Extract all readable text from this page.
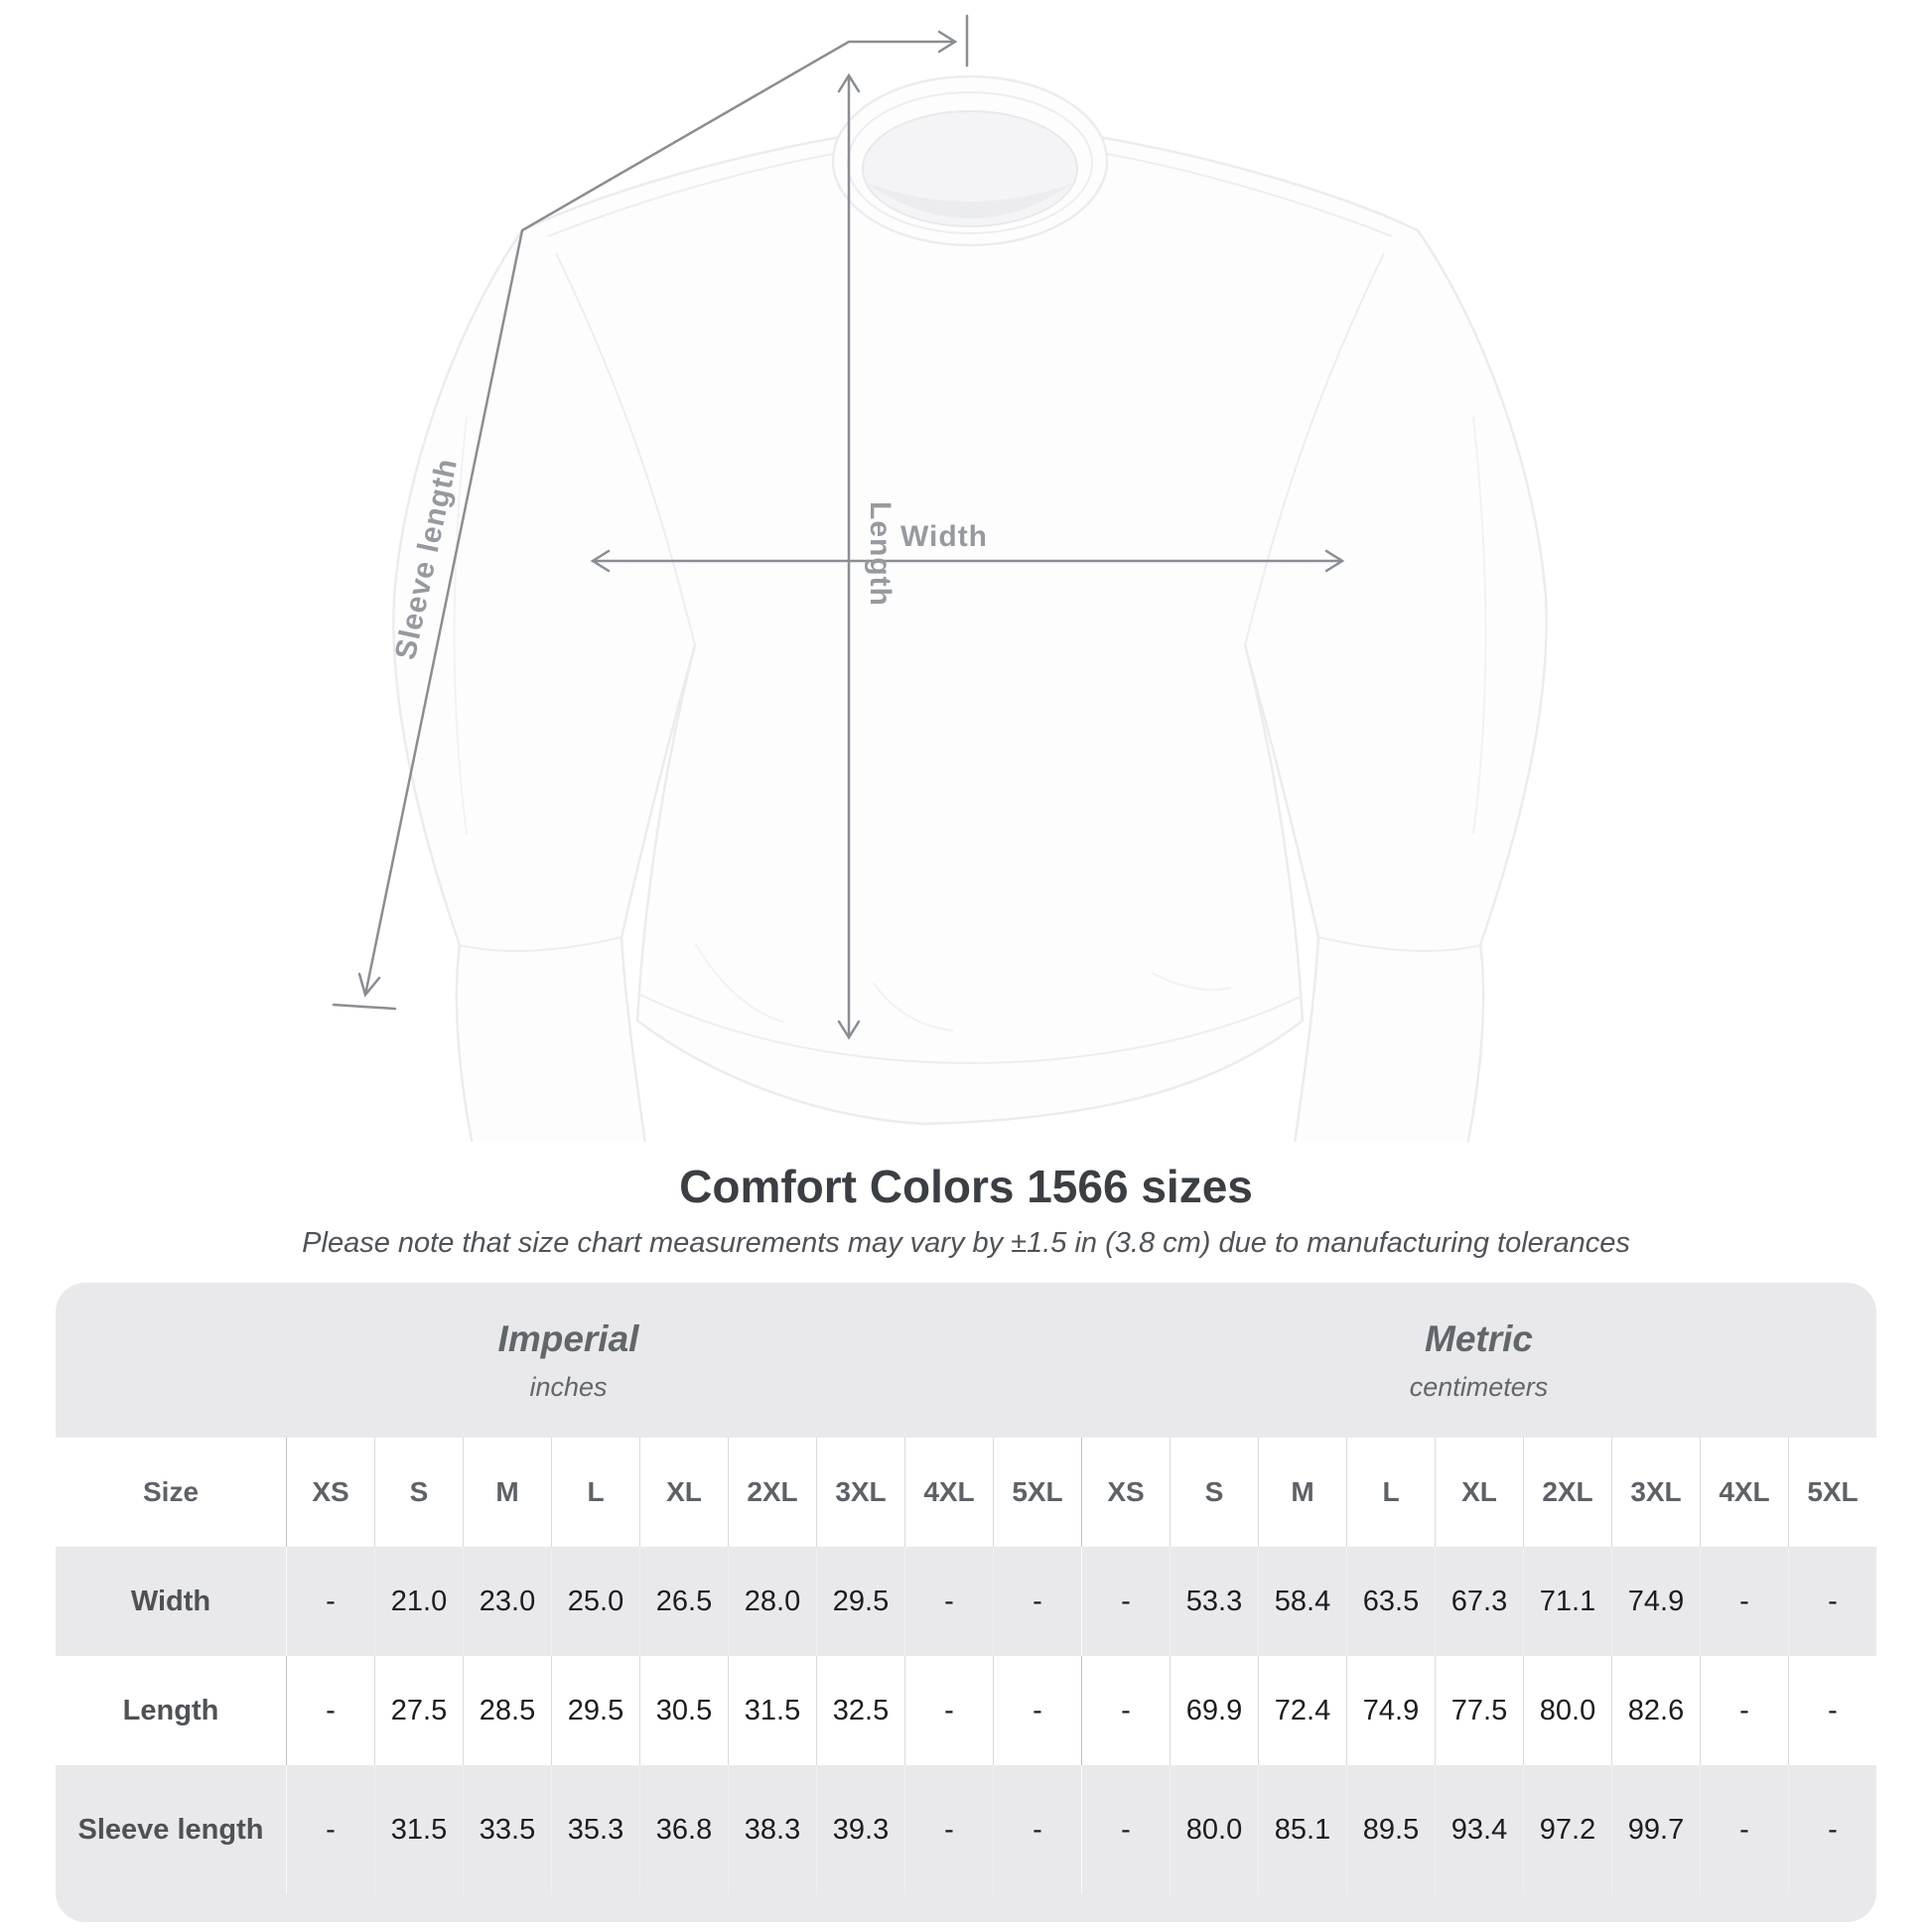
Length Width
Sleeve length
Comfort Colors 1566 sizes

Please note that size chart measurements may vary by ±1.5 in (3.8 cm) due to manufacturing tolerances

Imperial
inches
Metric
centimeters
Size	XS	S	M	L	XL	2XL	3XL	4XL	5XL	XS	S	M	L	XL	2XL	3XL	4XL	5XL
Width	-	21.0	23.0	25.0	26.5	28.0	29.5	-	-	-	53.3	58.4	63.5	67.3	71.1	74.9	-	-
Length	-	27.5	28.5	29.5	30.5	31.5	32.5	-	-	-	69.9	72.4	74.9	77.5	80.0	82.6	-	-
Sleeve length	-	31.5	33.5	35.3	36.8	38.3	39.3	-	-	-	80.0	85.1	89.5	93.4	97.2	99.7	-	-
